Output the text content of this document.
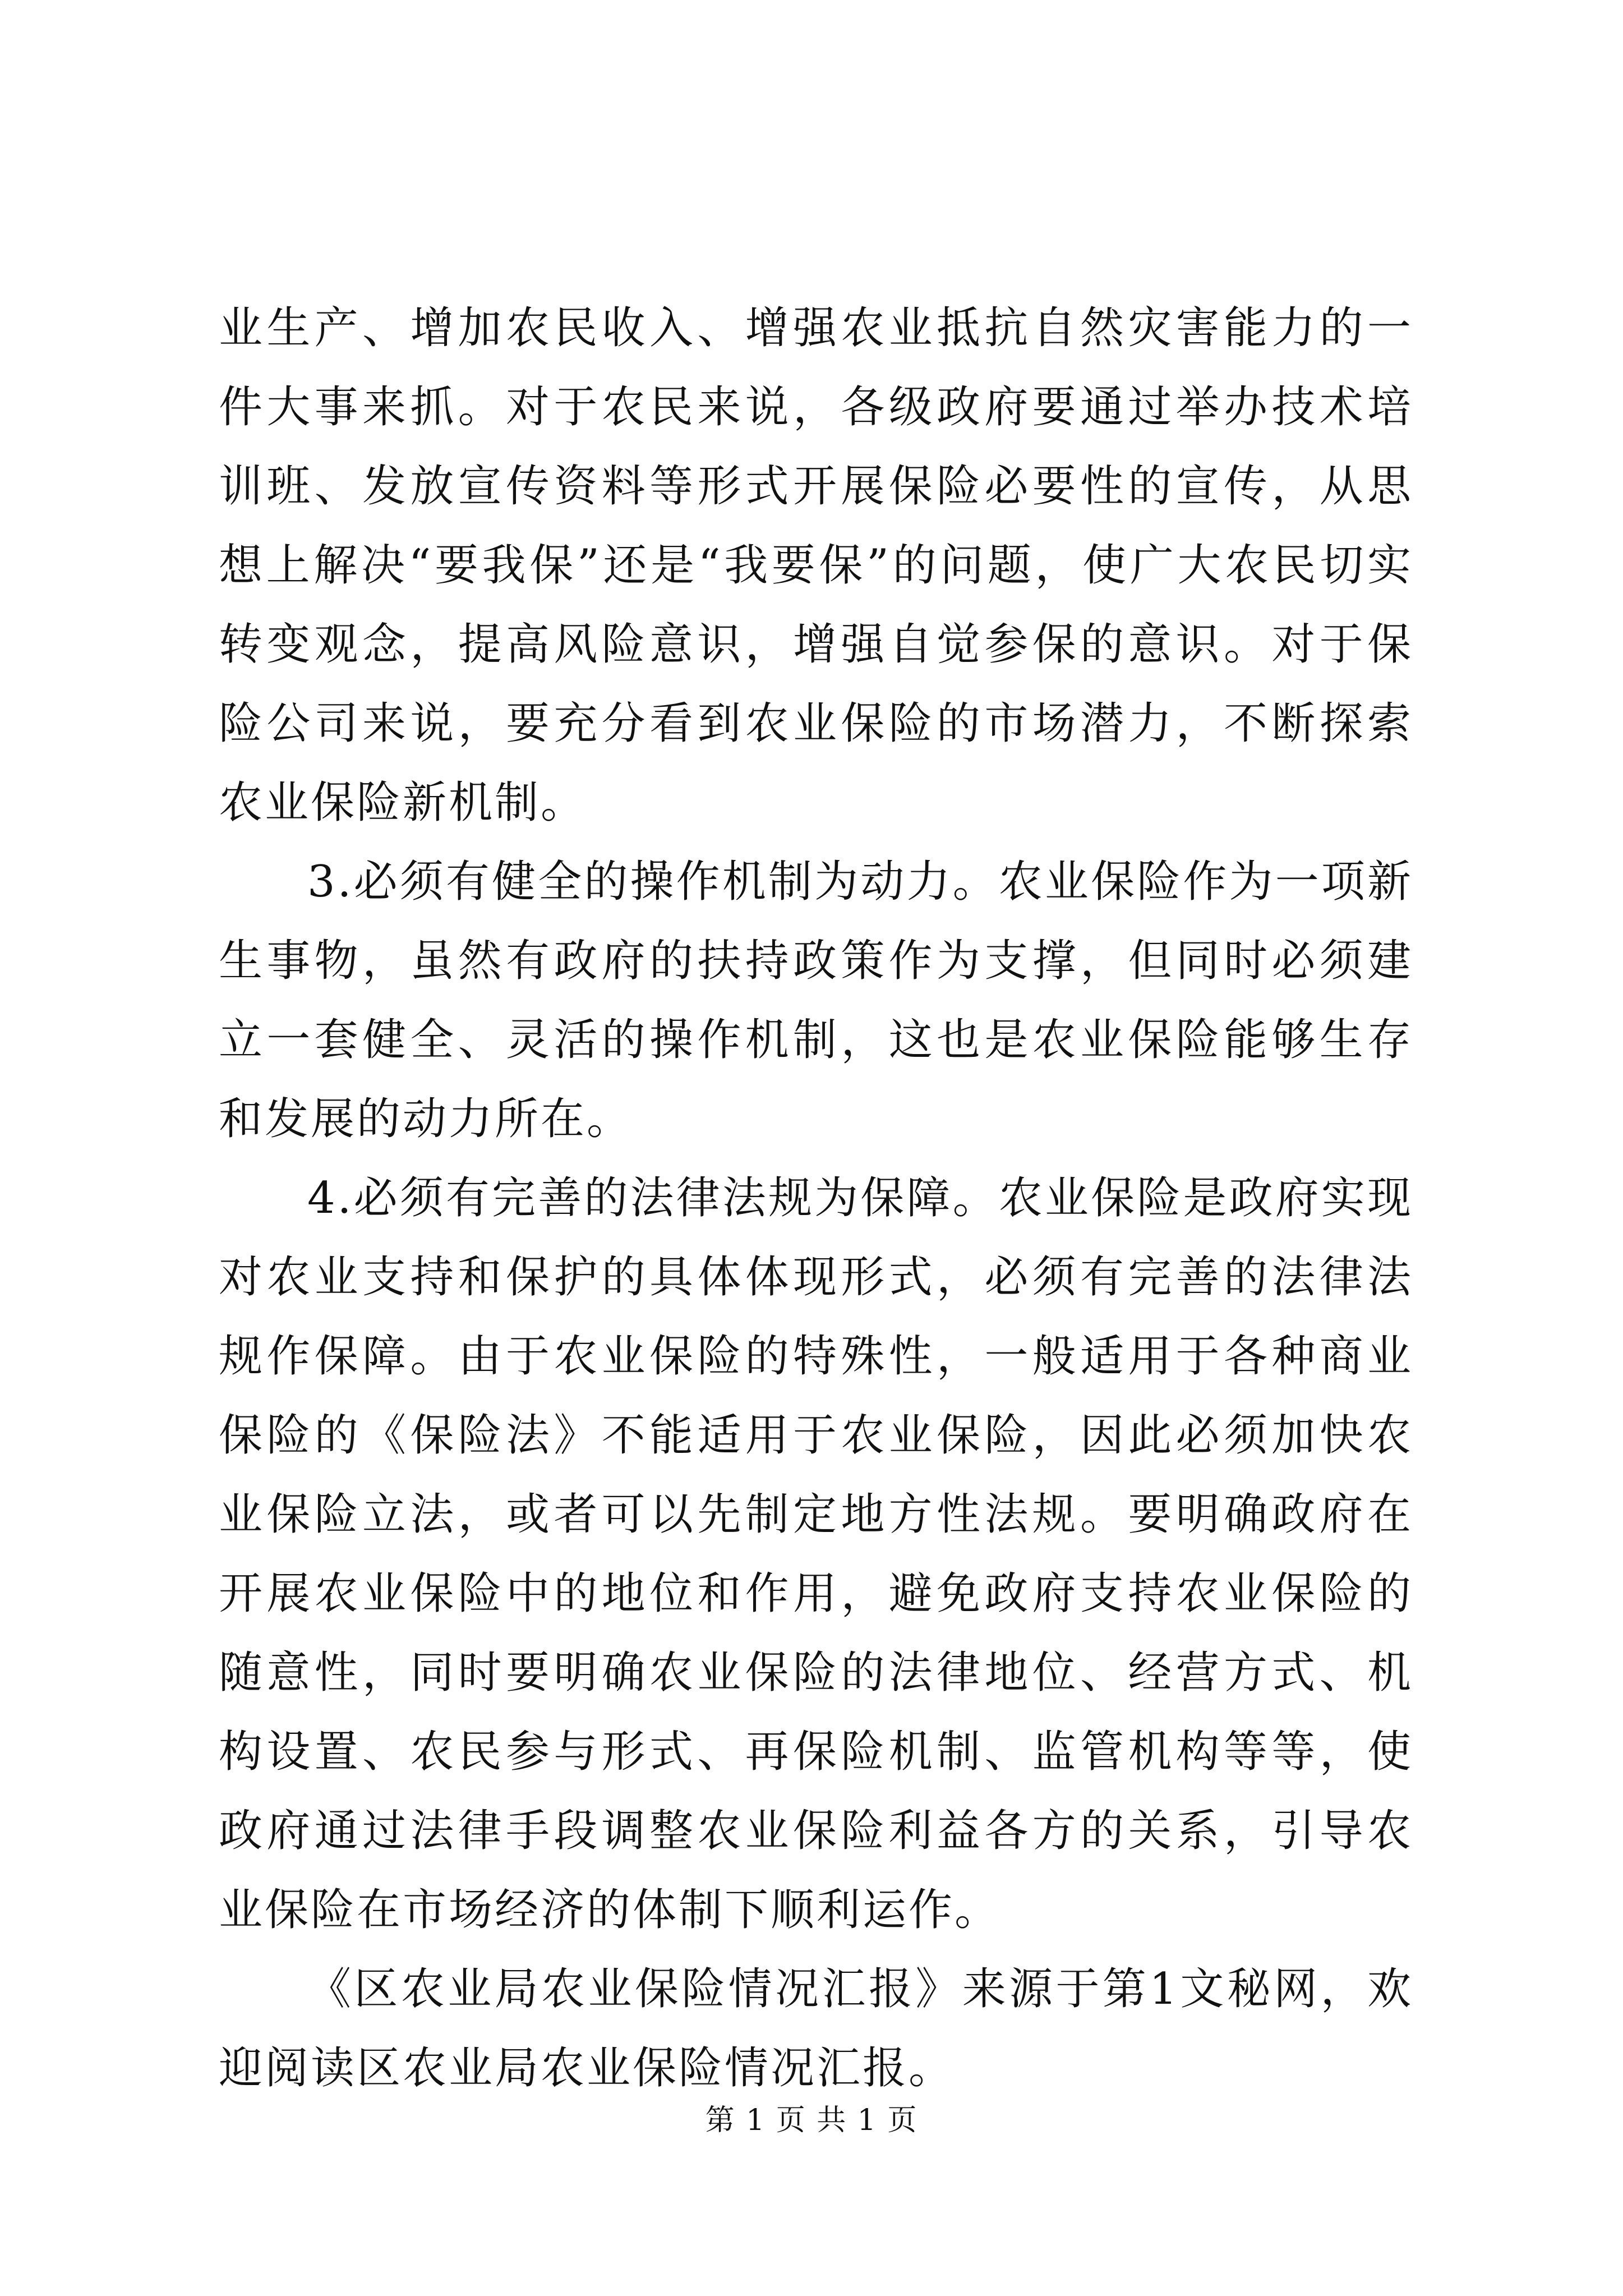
业生产、增加农民收入、增强农业抵抗自然灾害能力的一件大事来抓。对于农民来说，各级政府要通过举办技术培训班、发放宣传资料等形式开展保险必要性的宣传，从思想上解决“要我保”还是“我要保”的问题，使广大农民切实转变观念，提高风险意识，增强自觉参保的意识。对于保险公司来说，要充分看到农业保险的市场潜力，不断探索农业保险新机制。

3.必须有健全的操作机制为动力。农业保险作为一项新生事物，虽然有政府的扶持政策作为支撑，但同时必须建立一套健全、灵活的操作机制，这也是农业保险能够生存和发展的动力所在。

4.必须有完善的法律法规为保障。农业保险是政府实现对农业支持和保护的具体体现形式，必须有完善的法律法规作保障。由于农业保险的特殊性，一般适用于各种商业保险的《保险法》不能适用于农业保险，因此必须加快农业保险立法，或者可以先制定地方性法规。要明确政府在开展农业保险中的地位和作用，避免政府支持农业保险的随意性，同时要明确农业保险的法律地位、经营方式、机构设置、农民参与形式、再保险机制、监管机构等等，使政府通过法律手段调整农业保险利益各方的关系，引导农业保险在市场经济的体制下顺利运作。

《区农业局农业保险情况汇报》来源于第1文秘网，欢迎阅读区农业局农业保险情况汇报。

第 1 页 共 1 页
